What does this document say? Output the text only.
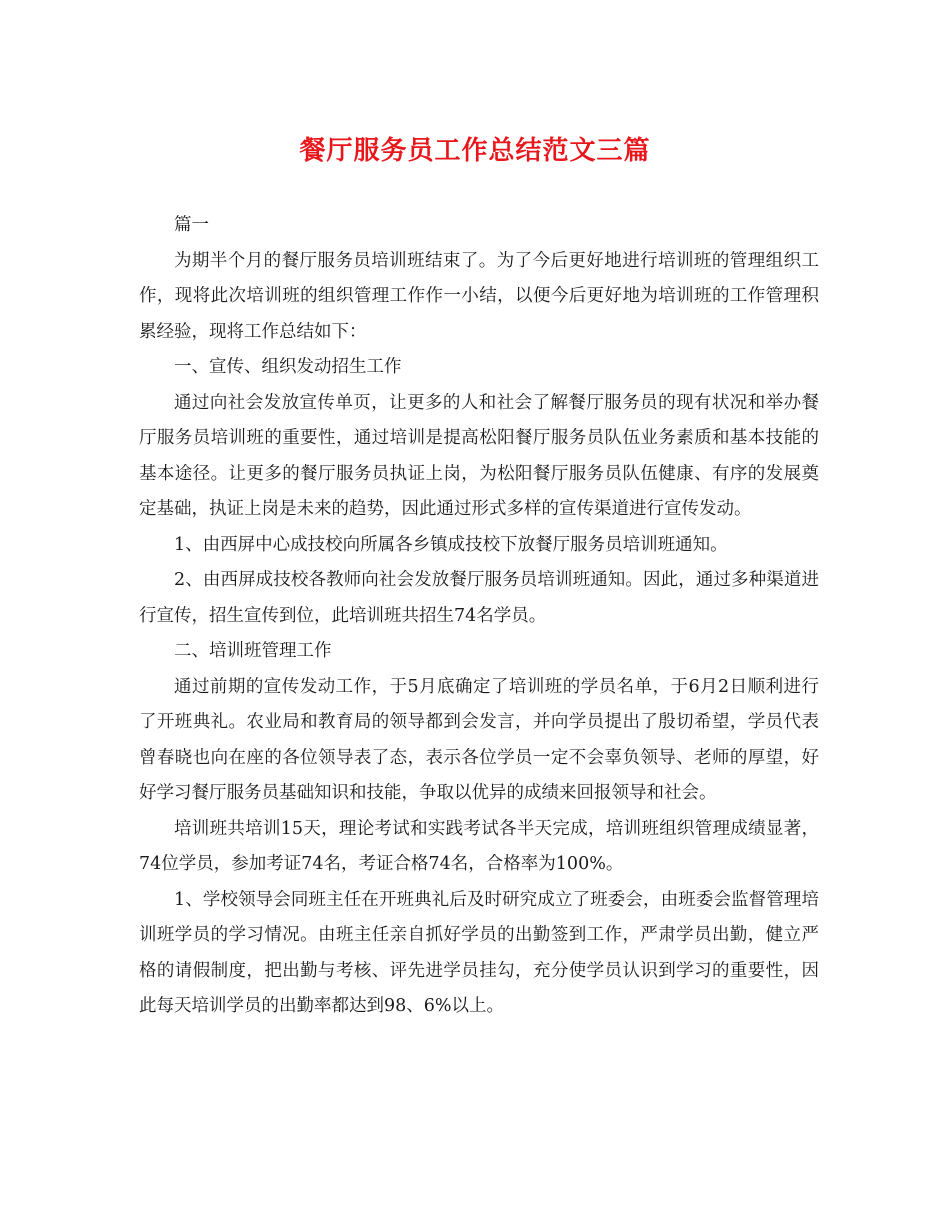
餐厅服务员工作总结范文三篇

篇一

为期半个月的餐厅服务员培训班结束了。为了今后更好地进行培训班的管理组织工作，现将此次培训班的组织管理工作作一小结，以便今后更好地为培训班的工作管理积累经验，现将工作总结如下：

一、宣传、组织发动招生工作

通过向社会发放宣传单页，让更多的人和社会了解餐厅服务员的现有状况和举办餐厅服务员培训班的重要性，通过培训是提高松阳餐厅服务员队伍业务素质和基本技能的基本途径。让更多的餐厅服务员执证上岗，为松阳餐厅服务员队伍健康、有序的发展奠定基础，执证上岗是未来的趋势，因此通过形式多样的宣传渠道进行宣传发动。

1、由西屏中心成技校向所属各乡镇成技校下放餐厅服务员培训班通知。

2、由西屏成技校各教师向社会发放餐厅服务员培训班通知。因此，通过多种渠道进行宣传，招生宣传到位，此培训班共招生74名学员。

二、培训班管理工作

通过前期的宣传发动工作，于5月底确定了培训班的学员名单，于6月2日顺利进行了开班典礼。农业局和教育局的领导都到会发言，并向学员提出了殷切希望，学员代表曾春晓也向在座的各位领导表了态，表示各位学员一定不会辜负领导、老师的厚望，好好学习餐厅服务员基础知识和技能，争取以优异的成绩来回报领导和社会。

培训班共培训15天，理论考试和实践考试各半天完成，培训班组织管理成绩显著，74位学员，参加考证74名，考证合格74名，合格率为100%。

1、学校领导会同班主任在开班典礼后及时研究成立了班委会，由班委会监督管理培训班学员的学习情况。由班主任亲自抓好学员的出勤签到工作，严肃学员出勤，健立严格的请假制度，把出勤与考核、评先进学员挂勾，充分使学员认识到学习的重要性，因此每天培训学员的出勤率都达到98、6%以上。
